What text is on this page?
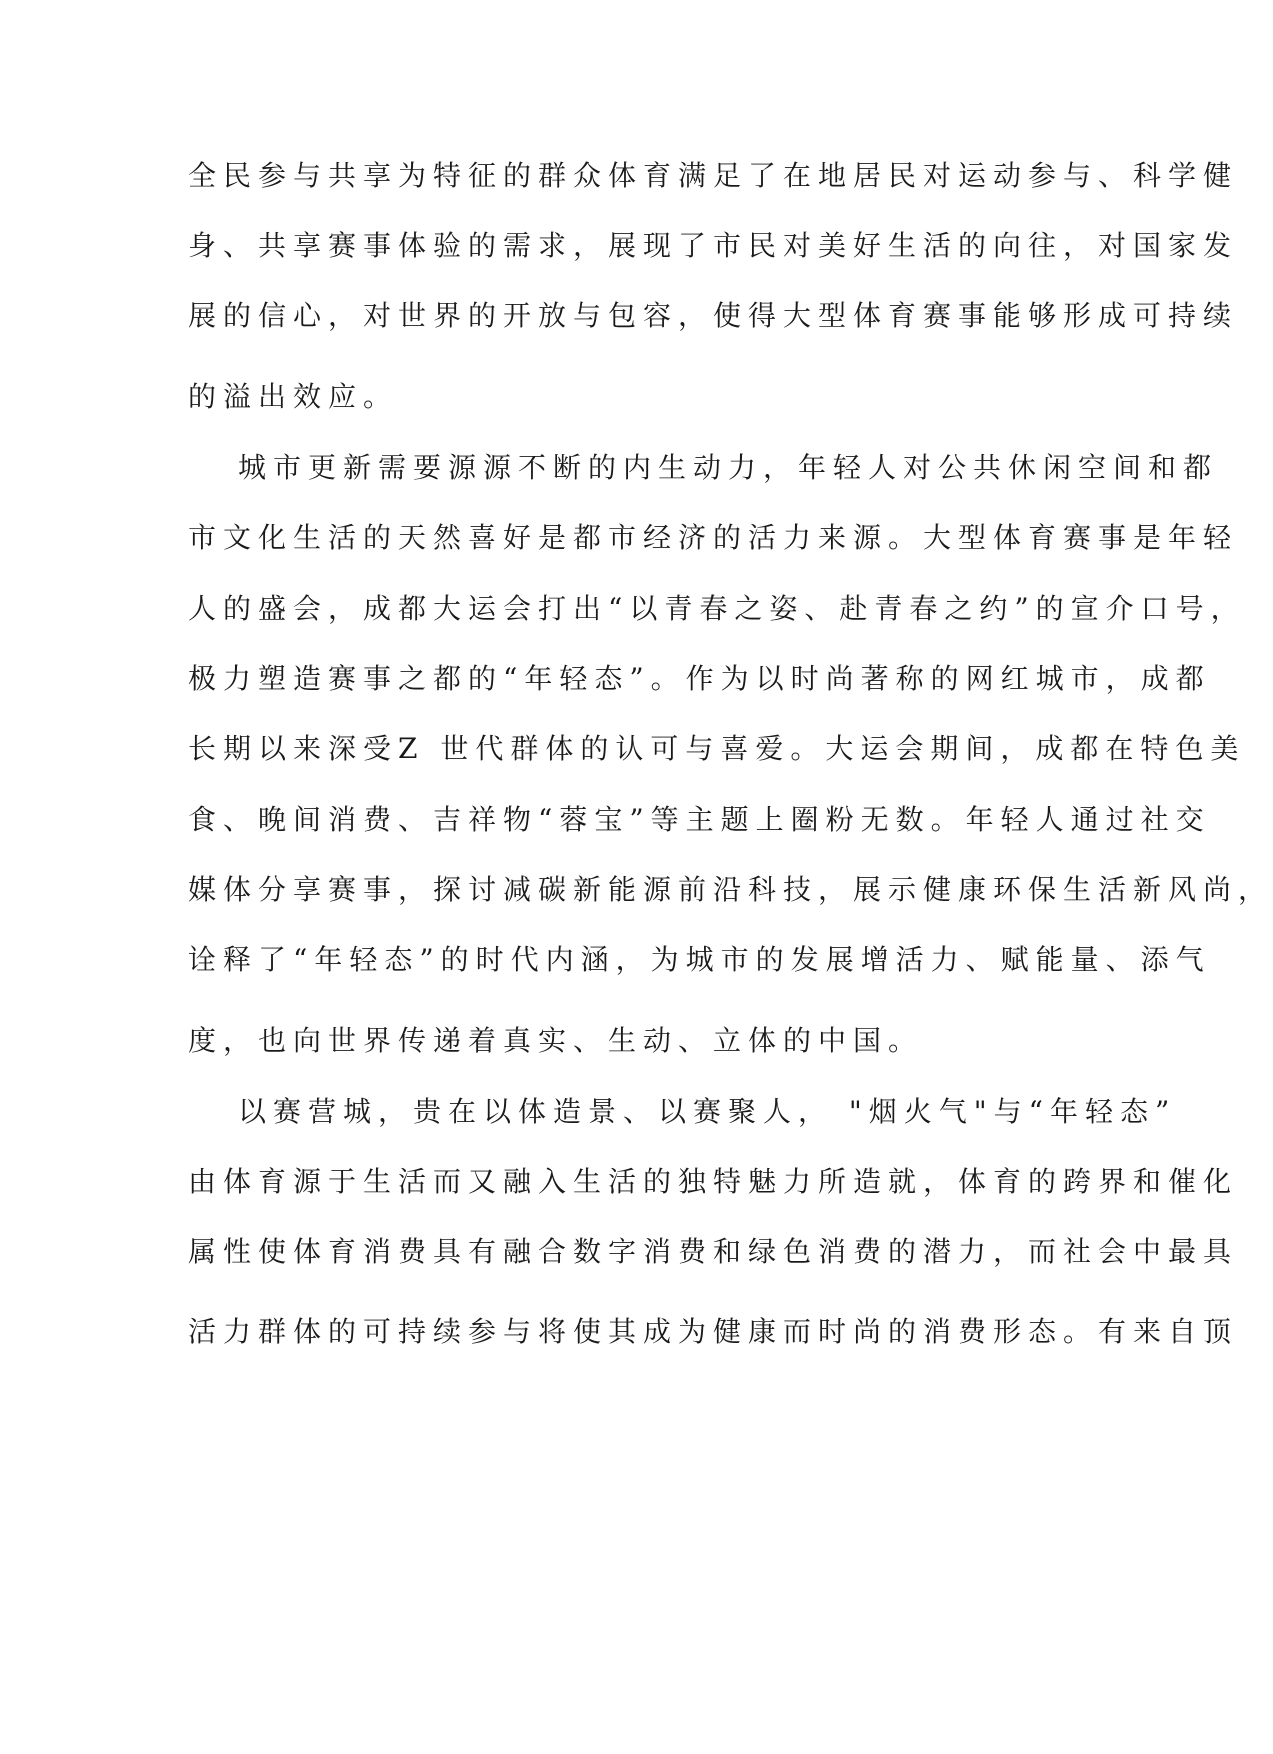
全民参与共享为特征的群众体育满足了在地居民对运动参与、科学健
身、共享赛事体验的需求，展现了市民对美好生活的向往，对国家发
展的信心，对世界的开放与包容，使得大型体育赛事能够形成可持续
的溢出效应。
城市更新需要源源不断的内生动力，年轻人对公共休闲空间和都
市文化生活的天然喜好是都市经济的活力来源。大型体育赛事是年轻
人的盛会，成都大运会打出“以青春之姿、赴青春之约”的宣介口号，
极力塑造赛事之都的“年轻态”。作为以时尚著称的网红城市，成都
长期以来深受Z 世代群体的认可与喜爱。大运会期间，成都在特色美
食、晚间消费、吉祥物“蓉宝”等主题上圈粉无数。年轻人通过社交
媒体分享赛事，探讨减碳新能源前沿科技，展示健康环保生活新风尚，
诠释了“年轻态”的时代内涵，为城市的发展增活力、赋能量、添气
度，也向世界传递着真实、生动、立体的中国。
以赛营城，贵在以体造景、以赛聚人， "烟火气"与“年轻态”
由体育源于生活而又融入生活的独特魅力所造就，体育的跨界和催化
属性使体育消费具有融合数字消费和绿色消费的潜力，而社会中最具
活力群体的可持续参与将使其成为健康而时尚的消费形态。有来自顶
